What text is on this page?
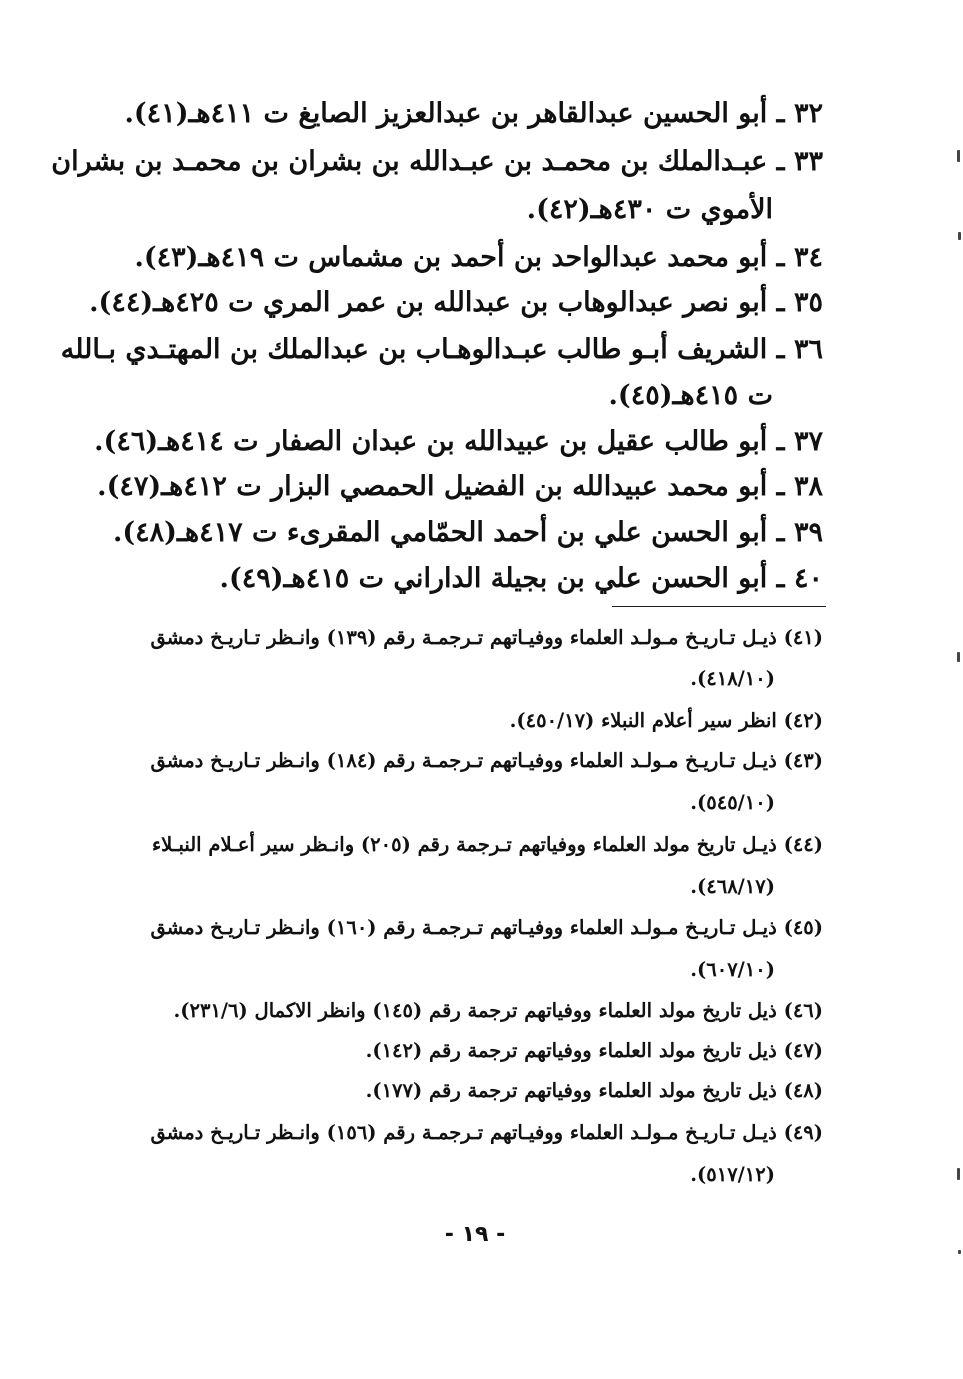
٣٢ ـ أبو الحسين عبدالقاهر بن عبدالعزيز الصايغ ت ٤١١هـ(٤١).
٣٣ ـ عبـدالملك بن محمـد بن عبـدالله بن بشران بن محمـد بن بشران
الأموي ت ٤٣٠هـ(٤٢).
٣٤ ـ أبو محمد عبدالواحد بن أحمد بن مشماس ت ٤١٩هـ(٤٣).
٣٥ ـ أبو نصر عبدالوهاب بن عبدالله بن عمر المري ت ٤٢٥هـ(٤٤).
٣٦ ـ الشريف أبـو طالب عبـدالوهـاب بن عبدالملك بن المهتـدي بـالله
ت ٤١٥هـ(٤٥).
٣٧ ـ أبو طالب عقيل بن عبيدالله بن عبدان الصفار ت ٤١٤هـ(٤٦).
٣٨ ـ أبو محمد عبيدالله بن الفضيل الحمصي البزار ت ٤١٢هـ(٤٧).
٣٩ ـ أبو الحسن علي بن أحمد الحمّامي المقرىء ت ٤١٧هـ(٤٨).
٤٠ ـ أبو الحسن علي بن بجيلة الداراني ت ٤١٥هـ(٤٩).
(٤١) ذيـل تـاريـخ مـولـد العلماء ووفيـاتهم تـرجمـة رقم (١٣٩) وانـظر تـاريـخ دمشق
(٤١٨/١٠).
(٤٢) انظر سير أعلام النبلاء (٤٥٠/١٧).
(٤٣) ذيـل تـاريـخ مـولـد العلماء ووفيـاتهم تـرجمـة رقم (١٨٤) وانـظر تـاريـخ دمشق
(٥٤٥/١٠).
(٤٤) ذيـل تاريخ مولد العلماء ووفياتهم تـرجمة رقم (٢٠٥) وانـظر سير أعـلام النبـلاء
(٤٦٨/١٧).
(٤٥) ذيـل تـاريـخ مـولـد العلماء ووفيـاتهم تـرجمـة رقم (١٦٠) وانـظر تـاريـخ دمشق
(٦٠٧/١٠).
(٤٦) ذيل تاريخ مولد العلماء ووفياتهم ترجمة رقم (١٤٥) وانظر الاكمال (٢٣١/٦).
(٤٧) ذيل تاريخ مولد العلماء ووفياتهم ترجمة رقم (١٤٢).
(٤٨) ذيل تاريخ مولد العلماء ووفياتهم ترجمة رقم (١٧٧).
(٤٩) ذيـل تـاريـخ مـولـد العلماء ووفيـاتهم تـرجمـة رقم (١٥٦) وانـظر تـاريـخ دمشق
(٥١٧/١٢).
- ١٩ -
